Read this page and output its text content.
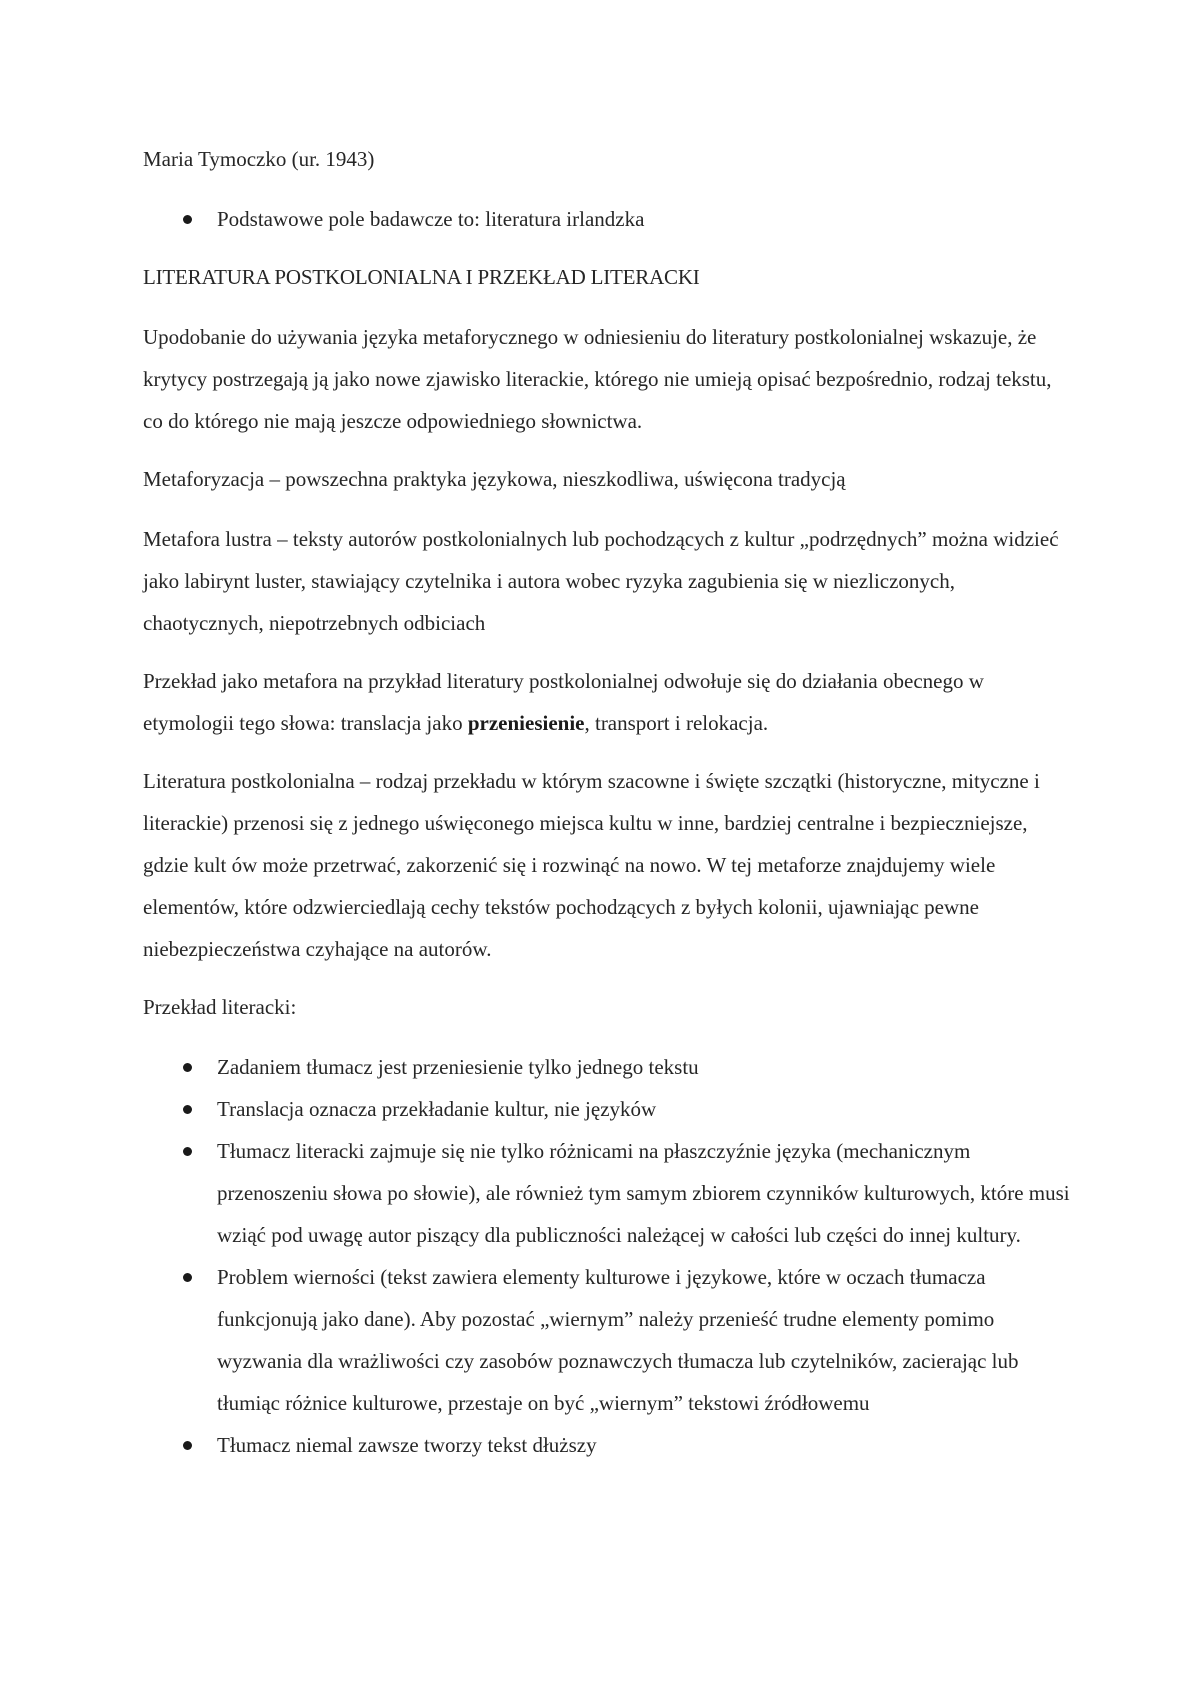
Maria Tymoczko (ur. 1943)

Podstawowe pole badawcze to: literatura irlandzka

LITERATURA POSTKOLONIALNA I PRZEKŁAD LITERACKI

Upodobanie do używania języka metaforycznego w odniesieniu do literatury postkolonialnej wskazuje, że krytycy postrzegają ją jako nowe zjawisko literackie, którego nie umieją opisać bezpośrednio, rodzaj tekstu, co do którego nie mają jeszcze odpowiedniego słownictwa.

Metaforyzacja – powszechna praktyka językowa, nieszkodliwa, uświęcona tradycją

Metafora lustra – teksty autorów postkolonialnych lub pochodzących z kultur „podrzędnych” można widzieć jako labirynt luster, stawiający czytelnika i autora wobec ryzyka zagubienia się w niezliczonych, chaotycznych, niepotrzebnych odbiciach

Przekład jako metafora na przykład literatury postkolonialnej odwołuje się do działania obecnego w etymologii tego słowa: translacja jako przeniesienie, transport i relokacja.

Literatura postkolonialna – rodzaj przekładu w którym szacowne i święte szczątki (historyczne, mityczne i literackie) przenosi się z jednego uświęconego miejsca kultu w inne, bardziej centralne i bezpieczniejsze, gdzie kult ów może przetrwać, zakorzenić się i rozwinąć na nowo. W tej metaforze znajdujemy wiele elementów, które odzwierciedlają cechy tekstów pochodzących z byłych kolonii, ujawniając pewne niebezpieczeństwa czyhające na autorów.

Przekład literacki:

Zadaniem tłumacz jest przeniesienie tylko jednego tekstu
Translacja oznacza przekładanie kultur, nie języków
Tłumacz literacki zajmuje się nie tylko różnicami na płaszczyźnie języka (mechanicznym przenoszeniu słowa po słowie), ale również tym samym zbiorem czynników kulturowych, które musi wziąć pod uwagę autor piszący dla publiczności należącej w całości lub części do innej kultury.
Problem wierności (tekst zawiera elementy kulturowe i językowe, które w oczach tłumacza funkcjonują jako dane). Aby pozostać „wiernym” należy przenieść trudne elementy pomimo wyzwania dla wrażliwości czy zasobów poznawczych tłumacza lub czytelników, zacierając lub tłumiąc różnice kulturowe, przestaje on być „wiernym” tekstowi źródłowemu
Tłumacz niemal zawsze tworzy tekst dłuższy
